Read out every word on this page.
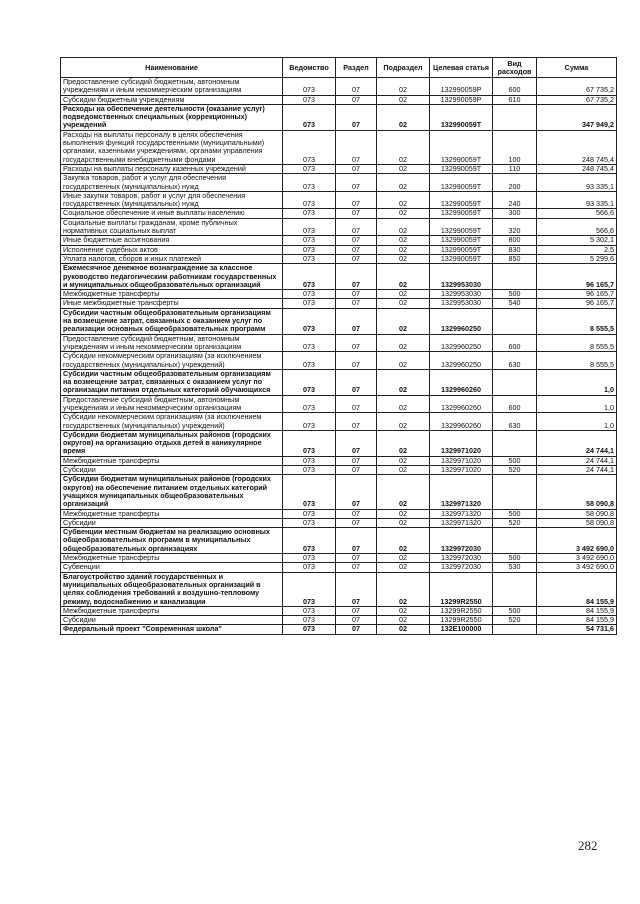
Наименование	Ведомство	Раздел	Подраздел	Целевая статья	Вид расходов	Сумма
Предоставление субсидий бюджетным, автономным учреждениям и иным некоммерческим организациям	073	07	02	132990059P	600	67 735,2
Субсидии бюджетным учреждениям	073	07	02	132990059P	610	67 735,2
Расходы на обеспечение деятельности (оказание услуг) подведомственных специальных (коррекционных) учреждений	073	07	02	132990059T		347 949,2
Расходы на выплаты персоналу в целях обеспечения выполнения функций государственными (муниципальными) органами, казенными учреждениями, органами управления государственными внебюджетными фондами	073	07	02	132990059T	100	248 745,4
Расходы на выплаты персоналу казенных учреждений	073	07	02	132990059T	110	248 745,4
Закупка товаров, работ и услуг для обеспечения государственных (муниципальных) нужд	073	07	02	132990059T	200	93 335,1
Иные закупки товаров, работ и услуг для обеспечения государственных (муниципальных) нужд	073	07	02	132990059T	240	93 335,1
Социальное обеспечение и иные выплаты населению	073	07	02	132990059T	300	566,6
Социальные выплаты гражданам, кроме публичных нормативных социальных выплат	073	07	02	132990059T	320	566,6
Иные бюджетные ассигнования	073	07	02	132990059T	800	5 302,1
Исполнение судебных актов	073	07	02	132990059T	830	2,5
Уплата налогов, сборов и иных платежей	073	07	02	132990059T	850	5 299,6
Ежемесячное денежное вознаграждение за классное руководство педагогическим работникам государственных и муниципальных общеобразовательных организаций	073	07	02	1329953030		96 165,7
Межбюджетные трансферты	073	07	02	1329953030	500	96 165,7
Иные межбюджетные трансферты	073	07	02	1329953030	540	96 165,7
Субсидии частным общеобразовательным организациям на возмещение затрат, связанных с оказанием услуг по реализации основных общеобразовательных программ	073	07	02	1329960250		8 555,5
Предоставление субсидий бюджетным, автономным учреждениям и иным некоммерческим организациям	073	07	02	1329960250	600	8 555,5
Субсидии некоммерческим организациям (за исключением государственных (муниципальных) учреждений)	073	07	02	1329960250	630	8 555,5
Субсидии частным общеобразовательным организациям на возмещение затрат, связанных с оказанием услуг по организации питания отдельных категорий обучающихся	073	07	02	1329960260		1,0
Предоставление субсидий бюджетным, автономным учреждениям и иным некоммерческим организациям	073	07	02	1329960260	600	1,0
Субсидии некоммерческим организациям (за исключением государственных (муниципальных) учреждений)	073	07	02	1329960260	630	1,0
Субсидии бюджетам муниципальных районов (городских округов) на организацию отдыха детей в каникулярное время	073	07	02	1329971020		24 744,1
Межбюджетные трансферты	073	07	02	1329971020	500	24 744,1
Субсидии	073	07	02	1329971020	520	24 744,1
Субсидии бюджетам муниципальных районов (городских округов) на обеспечение питанием отдельных категорий учащихся муниципальных общеобразовательных организаций	073	07	02	1329971320		58 090,8
Межбюджетные трансферты	073	07	02	1329971320	500	58 090,8
Субсидии	073	07	02	1329971320	520	58 090,8
Субвенции местным бюджетам на реализацию основных общеобразовательных программ в муниципальных общеобразовательных организациях	073	07	02	1329972030		3 492 690,0
Межбюджетные трансферты	073	07	02	1329972030	500	3 492 690,0
Субвенции	073	07	02	1329972030	530	3 492 690,0
Благоустройство зданий государственных и муниципальных общеобразовательных организаций в целях соблюдения требований к воздушно-тепловому режиму, водоснабжению и канализации	073	07	02	13299R2550		84 155,9
Межбюджетные трансферты	073	07	02	13299R2550	500	84 155,9
Субсидии	073	07	02	13299R2550	520	84 155,9
Федеральный проект "Современная школа"	073	07	02	132E100000		54 731,6
282
